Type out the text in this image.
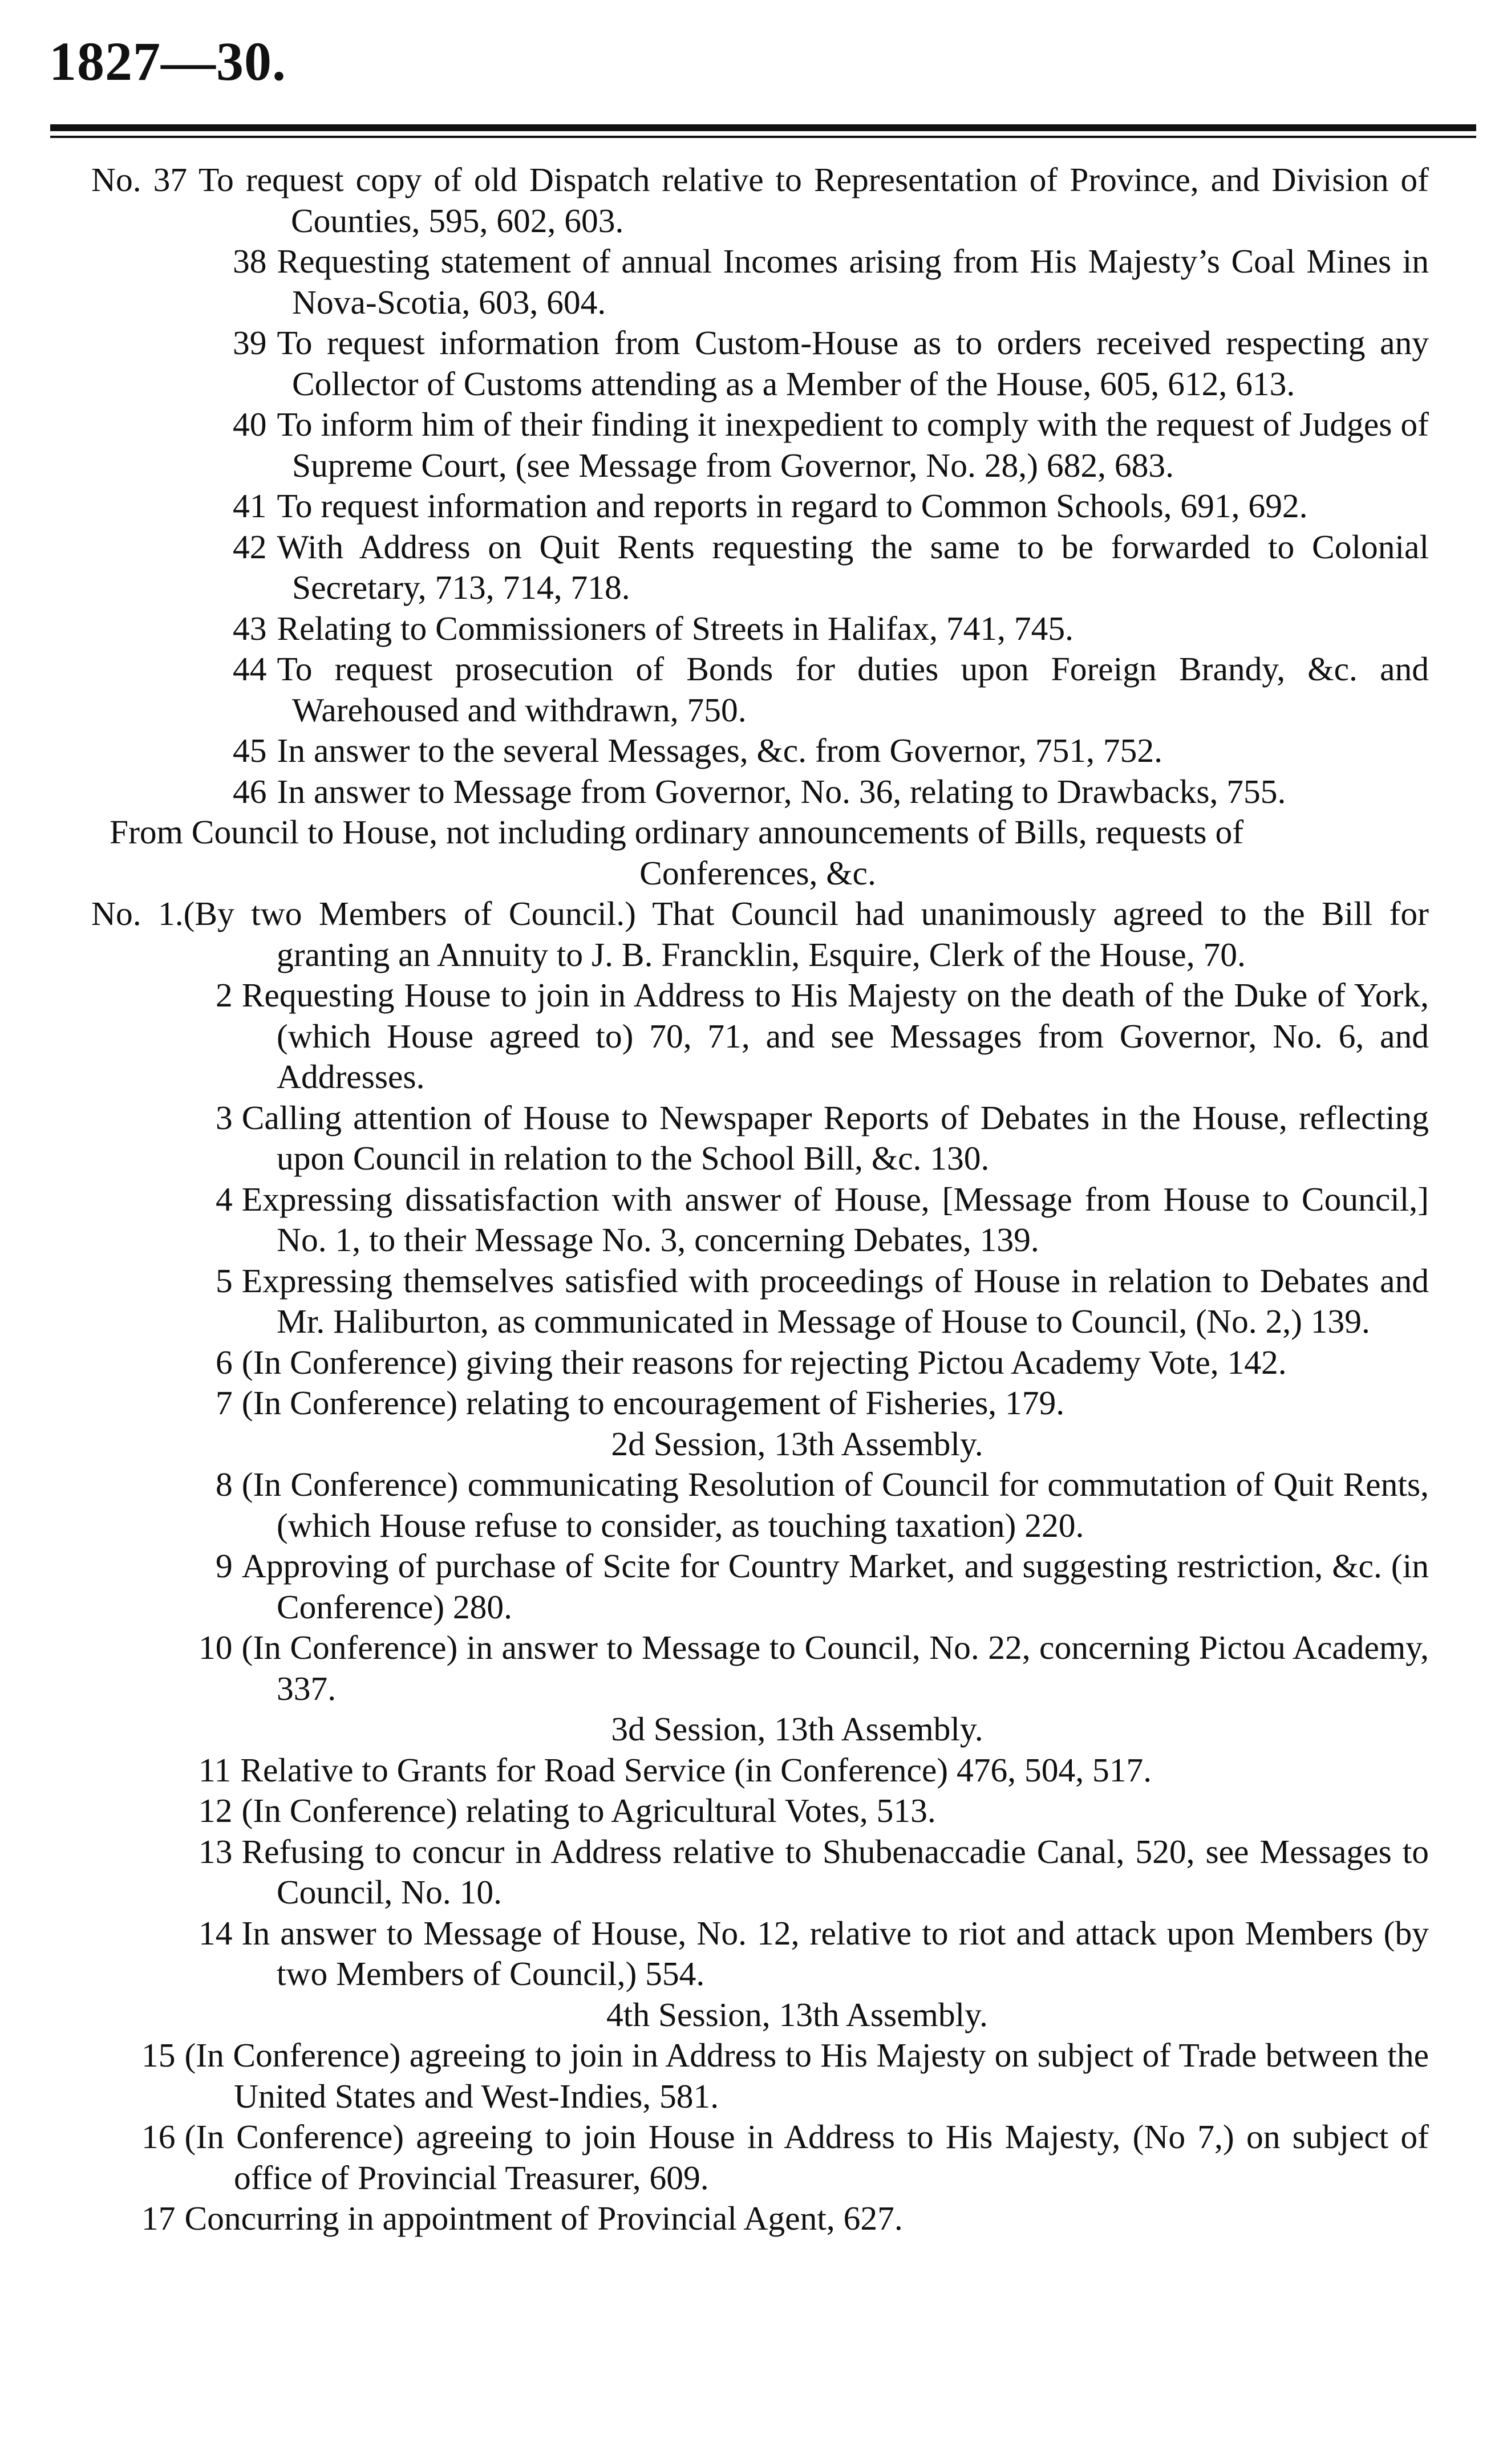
1827—30.

No. 37 To request copy of old Dispatch relative to Representation of Province, and Division of Counties, 595, 602, 603.

38 Requesting statement of annual Incomes arising from His Majesty’s Coal Mines in Nova-Scotia, 603, 604.

39 To request information from Custom-House as to orders received respecting any Collector of Customs attending as a Member of the House, 605, 612, 613.

40 To inform him of their finding it inexpedient to comply with the request of Judges of Supreme Court, (see Message from Governor, No. 28,) 682, 683.

41 To request information and reports in regard to Common Schools, 691, 692.

42 With Address on Quit Rents requesting the same to be forwarded to Colonial Secretary, 713, 714, 718.

43 Relating to Commissioners of Streets in Halifax, 741, 745.

44 To request prosecution of Bonds for duties upon Foreign Brandy, &c. and Warehoused and withdrawn, 750.

45 In answer to the several Messages, &c. from Governor, 751, 752.

46 In answer to Message from Governor, No. 36, relating to Drawbacks, 755.

From Council to House, not including ordinary announcements of Bills, requests of
Conferences, &c.

No. 1.(By two Members of Council.) That Council had unanimously agreed to the Bill for granting an Annuity to J. B. Francklin, Esquire, Clerk of the House, 70.

2 Requesting House to join in Address to His Majesty on the death of the Duke of York, (which House agreed to) 70, 71, and see Messages from Governor, No. 6, and Addresses.

3 Calling attention of House to Newspaper Reports of Debates in the House, reflecting upon Council in relation to the School Bill, &c. 130.

4 Expressing dissatisfaction with answer of House, [Message from House to Council,] No. 1, to their Message No. 3, concerning Debates, 139.

5 Expressing themselves satisfied with proceedings of House in relation to Debates and Mr. Haliburton, as communicated in Message of House to Council, (No. 2,) 139.

6 (In Conference) giving their reasons for rejecting Pictou Academy Vote, 142.

7 (In Conference) relating to encouragement of Fisheries, 179.

2d Session, 13th Assembly.

8 (In Conference) communicating Resolution of Council for commutation of Quit Rents, (which House refuse to consider, as touching taxation) 220.

9 Approving of purchase of Scite for Country Market, and suggesting restriction, &c. (in Conference) 280.

10 (In Conference) in answer to Message to Council, No. 22, concerning Pictou Academy, 337.

3d Session, 13th Assembly.

11 Relative to Grants for Road Service (in Conference) 476, 504, 517.

12 (In Conference) relating to Agricultural Votes, 513.

13 Refusing to concur in Address relative to Shubenaccadie Canal, 520, see Messages to Council, No. 10.

14 In answer to Message of House, No. 12, relative to riot and attack upon Members (by two Members of Council,) 554.

4th Session, 13th Assembly.

15 (In Conference) agreeing to join in Address to His Majesty on subject of Trade between the United States and West-Indies, 581.

16 (In Conference) agreeing to join House in Address to His Majesty, (No 7,) on subject of office of Provincial Treasurer, 609.

17 Concurring in appointment of Provincial Agent, 627.
